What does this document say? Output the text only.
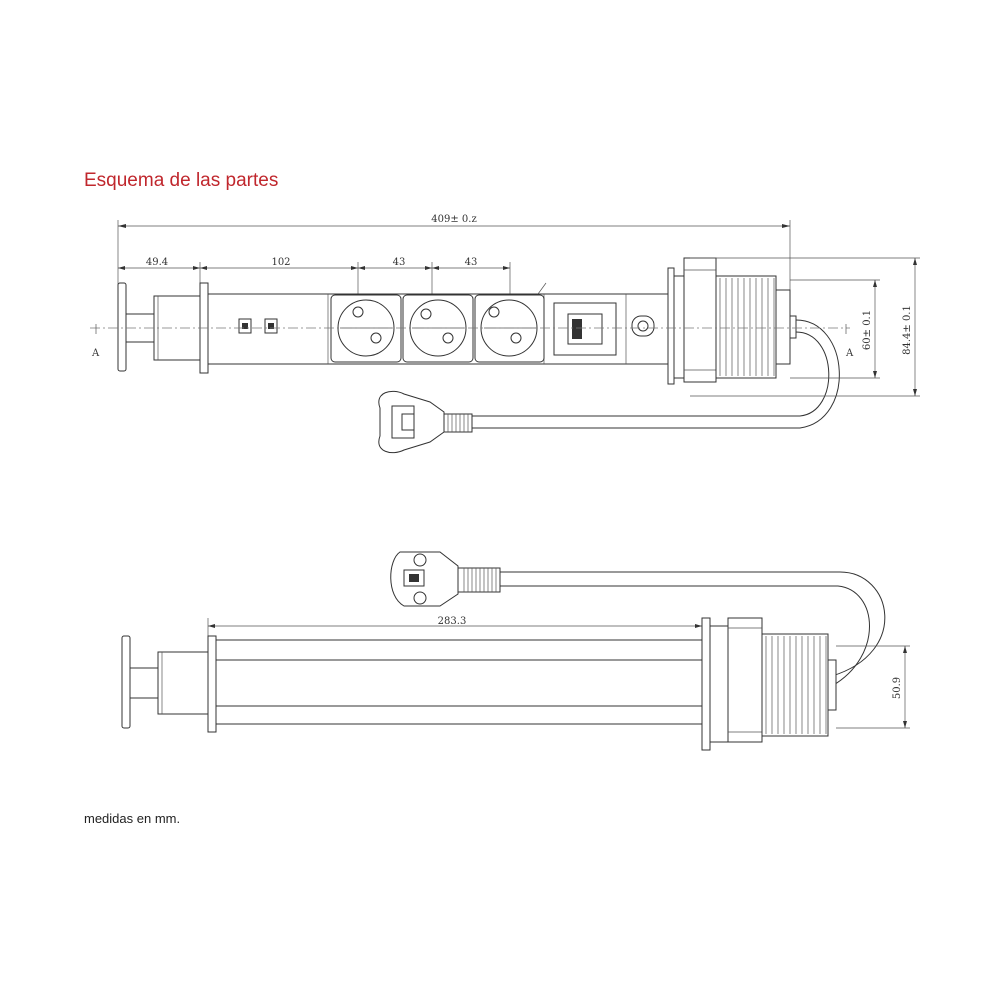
Esquema de las partes
409± 0.z
49.4	102	43	43
A	A
60± 0.1	84.4± 0.1
283.3
50.9
medidas en mm.
